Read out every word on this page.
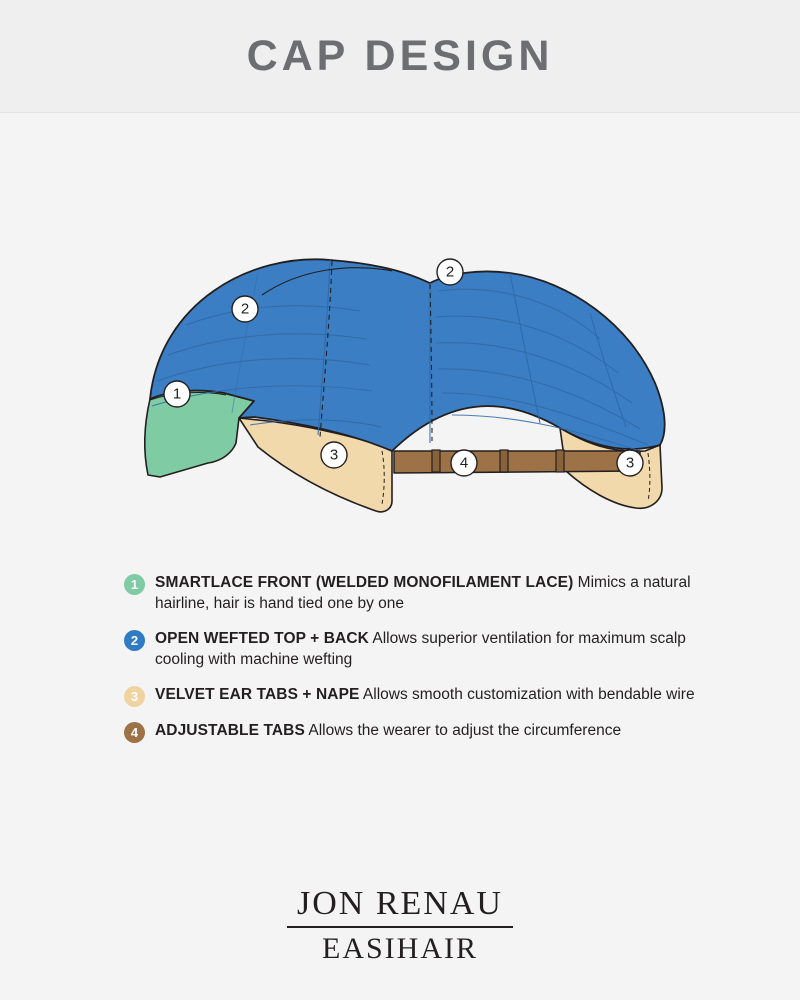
CAP DESIGN
1
2
2
3	3
4
1	SMARTLACE FRONT (WELDED MONOFILAMENT LACE) Mimics a natural hairline, hair is hand tied one by one
2	OPEN WEFTED TOP + BACK Allows superior ventilation for maximum scalp cooling with machine wefting
3	VELVET EAR TABS + NAPE Allows smooth customization with bendable wire
4	ADJUSTABLE TABS Allows the wearer to adjust the circumference
JON RENAU
EASIHAIR
